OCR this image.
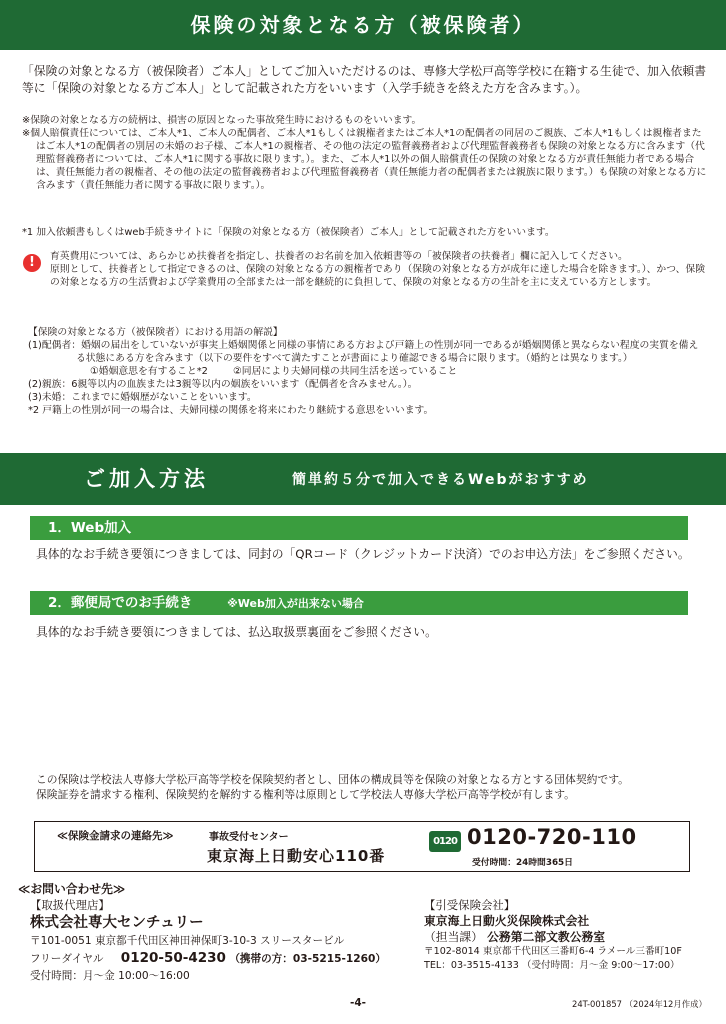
保険の対象となる方（被保険者）
「保険の対象となる方（被保険者）ご本人」としてご加入いただけるのは、専修大学松戸高等学校に在籍する生徒で、加入依頼書等に「保険の対象となる方ご本人」として記載された方をいいます（入学手続きを終えた方を含みます。）。

※保険の対象となる方の続柄は、損害の原因となった事故発生時におけるものをいいます。

※個人賠償責任については、ご本人*1、ご本人の配偶者、ご本人*1もしくは親権者またはご本人*1の配偶者の同居のご親族、ご本人*1もしくは親権者またはご本人*1の配偶者の別居の未婚のお子様、ご本人*1の親権者、その他の法定の監督義務者および代理監督義務者も保険の対象となる方に含みます（代理監督義務者については、ご本人*1に関する事故に限ります。）。また、ご本人*1以外の個人賠償責任の保険の対象となる方が責任無能力者である場合は、責任無能力者の親権者、その他の法定の監督義務者および代理監督義務者（責任無能力者の配偶者または親族に限ります。）も保険の対象となる方に含みます（責任無能力者に関する事故に限ります。）。

*1 加入依頼書もしくはweb手続きサイトに「保険の対象となる方（被保険者）ご本人」として記載された方をいいます。
!	育英費用については、あらかじめ扶養者を指定し、扶養者のお名前を加入依頼書等の「被保険者の扶養者」欄に記入してください。

原則として、扶養者として指定できるのは、保険の対象となる方の親権者であり（保険の対象となる方が成年に達した場合を除きます。）、かつ、保険の対象となる方の生活費および学業費用の全部または一部を継続的に負担して、保険の対象となる方の生計を主に支えている方とします。

【保険の対象となる方（被保険者）における用語の解説】

(1)配偶者：婚姻の届出をしていないが事実上婚姻関係と同様の事情にある方および戸籍上の性別が同一であるが婚姻関係と異ならない程度の実質を備える状態にある方を含みます（以下の要件をすべて満たすことが書面により確認できる場合に限ります。（婚約とは異なります。）

①婚姻意思を有すること*2	②同居により夫婦同様の共同生活を送っていること

(2)親族：6親等以内の血族または3親等以内の姻族をいいます（配偶者を含みません。）。

(3)未婚：これまでに婚姻歴がないことをいいます。

*2 戸籍上の性別が同一の場合は、夫婦同様の関係を将来にわたり継続する意思をいいます。

ご加入方法	簡単約５分で加入できるWebがおすすめ
1．Web加入
具体的なお手続き要領につきましては、同封の「QRコード（クレジットカード決済）でのお申込方法」をご参照ください。
2．郵便局でのお手続き	※Web加入が出来ない場合
具体的なお手続き要領につきましては、払込取扱票裏面をご参照ください。

この保険は学校法人専修大学松戸高等学校を保険契約者とし、団体の構成員等を保険の対象となる方とする団体契約です。

保険証券を請求する権利、保険契約を解約する権利等は原則として学校法人専修大学松戸高等学校が有します。

≪保険金請求の連絡先≫	事故受付センター
東京海上日動安心110番
0120 0120-720-110
受付時間：24時間365日
≪お問い合わせ先≫
【取扱代理店】
株式会社専大センチュリー
〒101-0051 東京都千代田区神田神保町3-10-3 スリースタービル
フリーダイヤル 0120-50-4230 （携帯の方：03-5215-1260）
受付時間：月～金 10:00～16:00
【引受保険会社】
東京海上日動火災保険株式会社
（担当課） 公務第二部文教公務室
〒102-8014 東京都千代田区三番町6-4 ラメール三番町10F
TEL：03-3515-4133 （受付時間：月～金 9:00～17:00）
-4-	24T-001857 （2024年12月作成）
